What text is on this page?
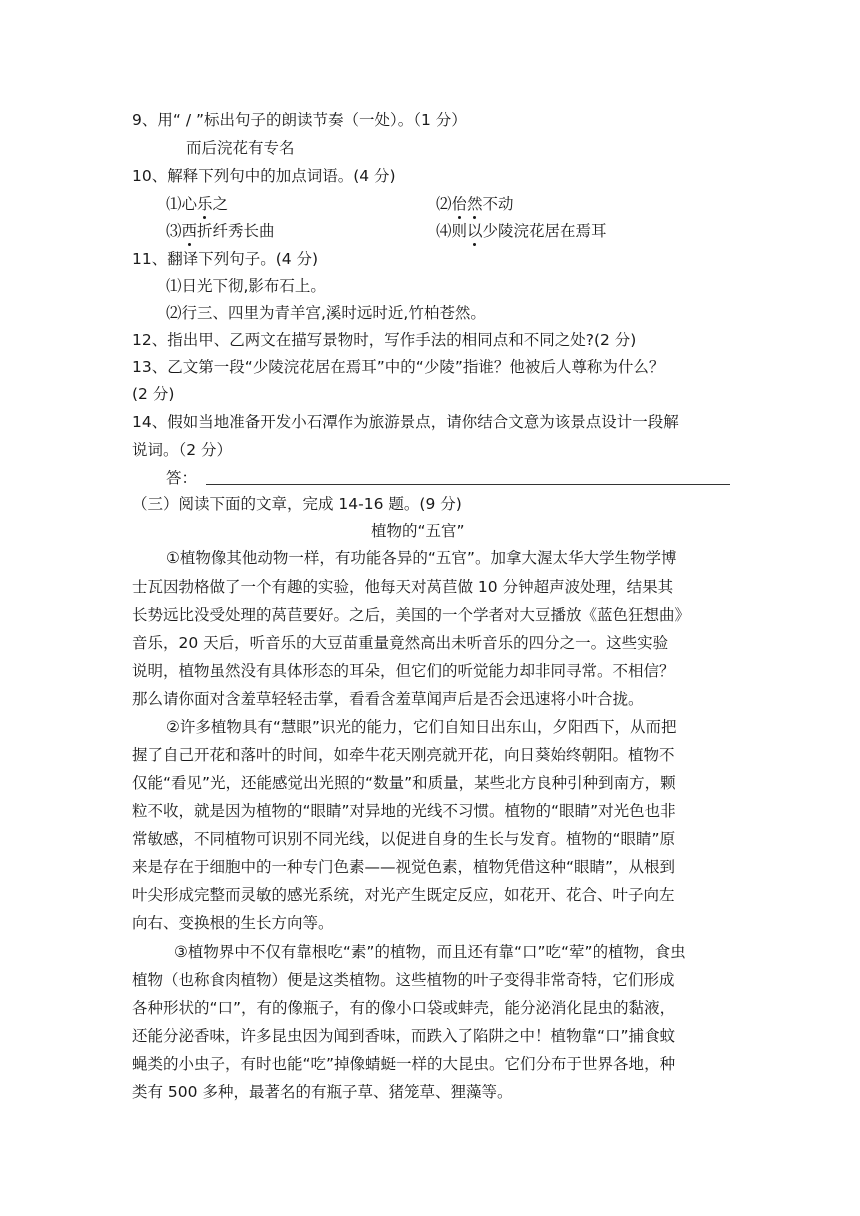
9、用“ / ”标出句子的朗读节奏（一处）。（1 分）
而后浣花有专名
10、解释下列句中的加点词语。(4 分)
⑴心乐之	⑵佁然不动
⑶西折纤秀长曲	⑷则以少陵浣花居在焉耳
11、翻译下列句子。(4 分)
⑴日光下彻,影布石上。
⑵行三、四里为青羊宫,溪时远时近,竹柏苍然。
12、指出甲、乙两文在描写景物时，写作手法的相同点和不同之处?(2 分)
13、乙文第一段“少陵浣花居在焉耳”中的“少陵”指谁？他被后人尊称为什么？
(2 分)
14、假如当地准备开发小石潭作为旅游景点，请你结合文意为该景点设计一段解
说词。（2 分）
答：
（三）阅读下面的文章，完成 14-16 题。(9 分)
植物的“五官”
①植物像其他动物一样，有功能各异的“五官”。加拿大渥太华大学生物学博
士瓦因勃格做了一个有趣的实验，他每天对莴苣做 10 分钟超声波处理，结果其
长势远比没受处理的莴苣要好。之后，美国的一个学者对大豆播放《蓝色狂想曲》
音乐，20 天后，听音乐的大豆苗重量竟然高出未听音乐的四分之一。这些实验
说明，植物虽然没有具体形态的耳朵，但它们的听觉能力却非同寻常。不相信？
那么请你面对含羞草轻轻击掌，看看含羞草闻声后是否会迅速将小叶合拢。
②许多植物具有“慧眼”识光的能力，它们自知日出东山，夕阳西下，从而把
握了自己开花和落叶的时间，如牵牛花天刚亮就开花，向日葵始终朝阳。植物不
仅能“看见”光，还能感觉出光照的“数量”和质量，某些北方良种引种到南方，颗
粒不收，就是因为植物的“眼睛”对异地的光线不习惯。植物的“眼睛”对光色也非
常敏感，不同植物可识别不同光线，以促进自身的生长与发育。植物的“眼睛”原
来是存在于细胞中的一种专门色素——视觉色素，植物凭借这种“眼睛”，从根到
叶尖形成完整而灵敏的感光系统，对光产生既定反应，如花开、花合、叶子向左
向右、变换根的生长方向等。
③植物界中不仅有靠根吃“素”的植物，而且还有靠“口”吃“荤”的植物，食虫
植物（也称食肉植物）便是这类植物。这些植物的叶子变得非常奇特，它们形成
各种形状的“口”，有的像瓶子，有的像小口袋或蚌壳，能分泌消化昆虫的黏液，
还能分泌香味，许多昆虫因为闻到香味，而跌入了陷阱之中！植物靠“口”捕食蚊
蝇类的小虫子，有时也能“吃”掉像蜻蜓一样的大昆虫。它们分布于世界各地，种
类有 500 多种，最著名的有瓶子草、猪笼草、狸藻等。
